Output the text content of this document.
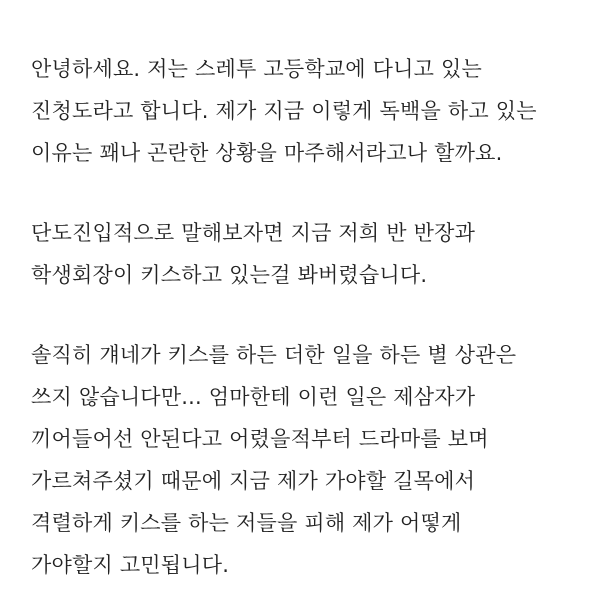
안녕하세요. 저는 스레투 고등학교에 다니고 있는
진청도라고 합니다. 제가 지금 이렇게 독백을 하고 있는
이유는 꽤나 곤란한 상황을 마주해서라고나 할까요.
단도진입적으로 말해보자면 지금 저희 반 반장과
학생회장이 키스하고 있는걸 봐버렸습니다.
솔직히 걔네가 키스를 하든 더한 일을 하든 별 상관은
쓰지 않습니다만... 엄마한테 이런 일은 제삼자가
끼어들어선 안된다고 어렸을적부터 드라마를 보며
가르쳐주셨기 때문에 지금 제가 가야할 길목에서
격렬하게 키스를 하는 저들을 피해 제가 어떻게
가야할지 고민됩니다.
